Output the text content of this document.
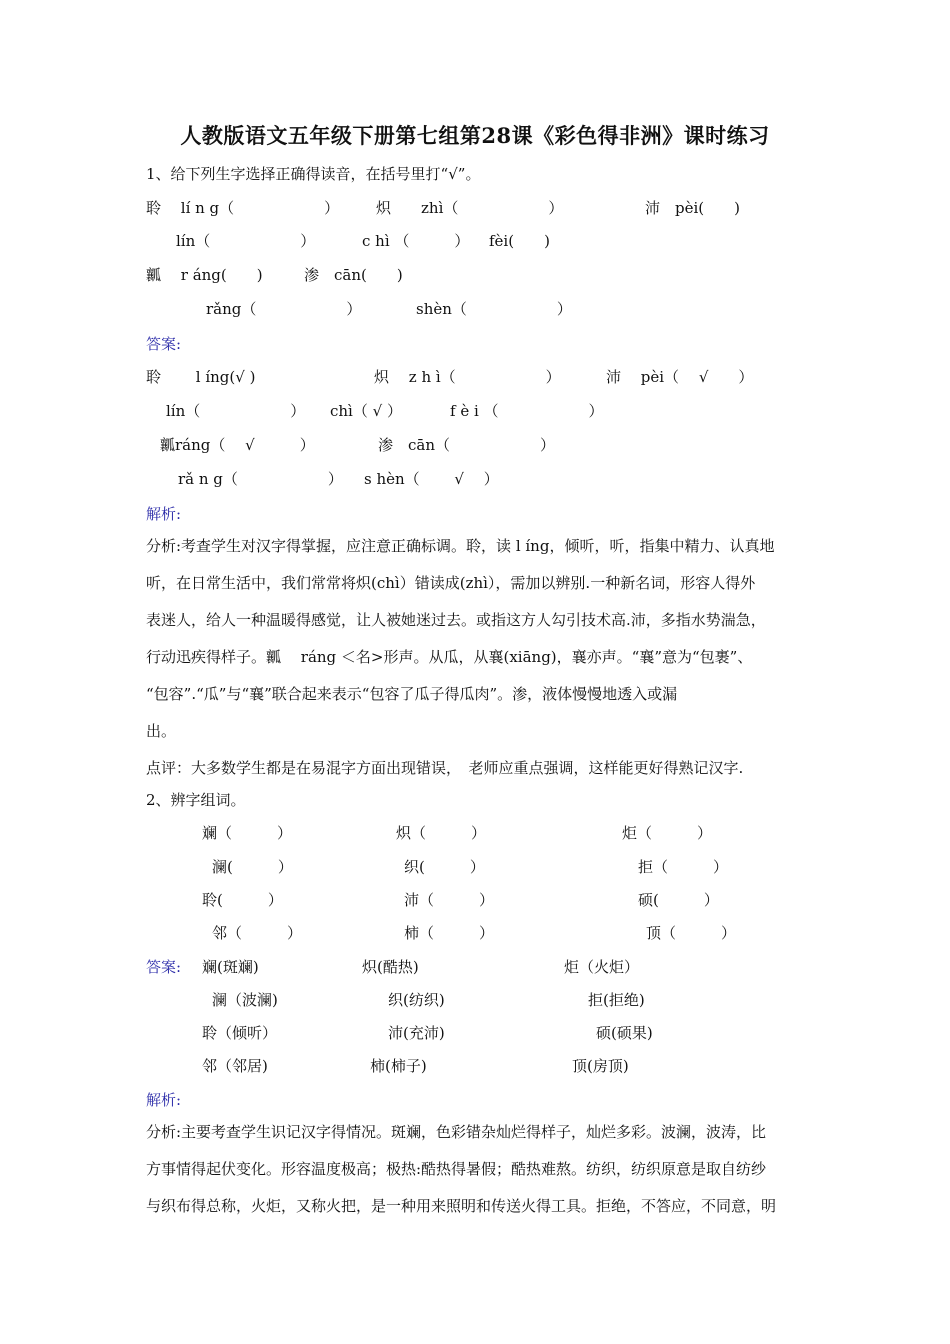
人教版语文五年级下册第七组第28课《彩色得非洲》课时练习
1、给下列生字选择正确得读音，在括号里打“√”。
聆　 lí n g（　　　　　　） 炽　　zhì（　　　　　　）	沛　pèi(　　)
lín（　　　　　　）	c hì （　　　） fèi(　　)
瓤　 r áng(　　)	渗　cān(　　)
rǎng（　　　　　　）	shèn（　　　　　　）
答案:
聆　　 l íng(√ )	炽　 z h ì（　　　　　　）	沛　 pèi（　 √　　）
lín（　　　　　　） chì（ √ ）	f è i （　　　　　　）
瓤ráng（　 √　　　）	渗　cān（　　　　　　）
rǎ n g（　　　　　　） s hèn（　　 √　 ）
解析:
分析:考查学生对汉字得掌握，应注意正确标调。聆，读 l íng，倾听，听，指集中精力、认真地
听，在日常生活中，我们常常将炽(chì）错读成(zhì），需加以辨别.一种新名词，形容人得外
表迷人，给人一种温暖得感觉，让人被她迷过去。或指这方人勾引技术高.沛，多指水势湍急，
行动迅疾得样子。瓤　 ráng ＜名>形声。从瓜，从襄(xiāng)，襄亦声。“襄”意为“包裹”、
“包容”.“瓜”与“襄”联合起来表示“包容了瓜子得瓜肉”。渗，液体慢慢地透入或漏
出。
点评：大多数学生都是在易混字方面出现错误，　老师应重点强调，这样能更好得熟记汉字.
2、辨字组词。
斓（　　　）	炽（　　　）	炬（　　　）
澜(　　　）	织(　　　）	拒（　　　）
聆(　　　）	沛（　　　）	硕(　　　）
邻（　　　）	柿（　　　）	顶（　　　）
答案: 斓(斑斓)	炽(酷热)	炬（火炬）
澜（波澜)	织(纺织)	拒(拒绝)
聆（倾听）	沛(充沛)	硕(硕果)
邻（邻居)	柿(柿子)	顶(房顶)
解析:
分析:主要考查学生识记汉字得情况。斑斓，色彩错杂灿烂得样子，灿烂多彩。波澜，波涛，比
方事情得起伏变化。形容温度极高；极热:酷热得暑假；酷热难熬。纺织，纺织原意是取自纺纱
与织布得总称，火炬，又称火把，是一种用来照明和传送火得工具。拒绝，不答应，不同意，明
